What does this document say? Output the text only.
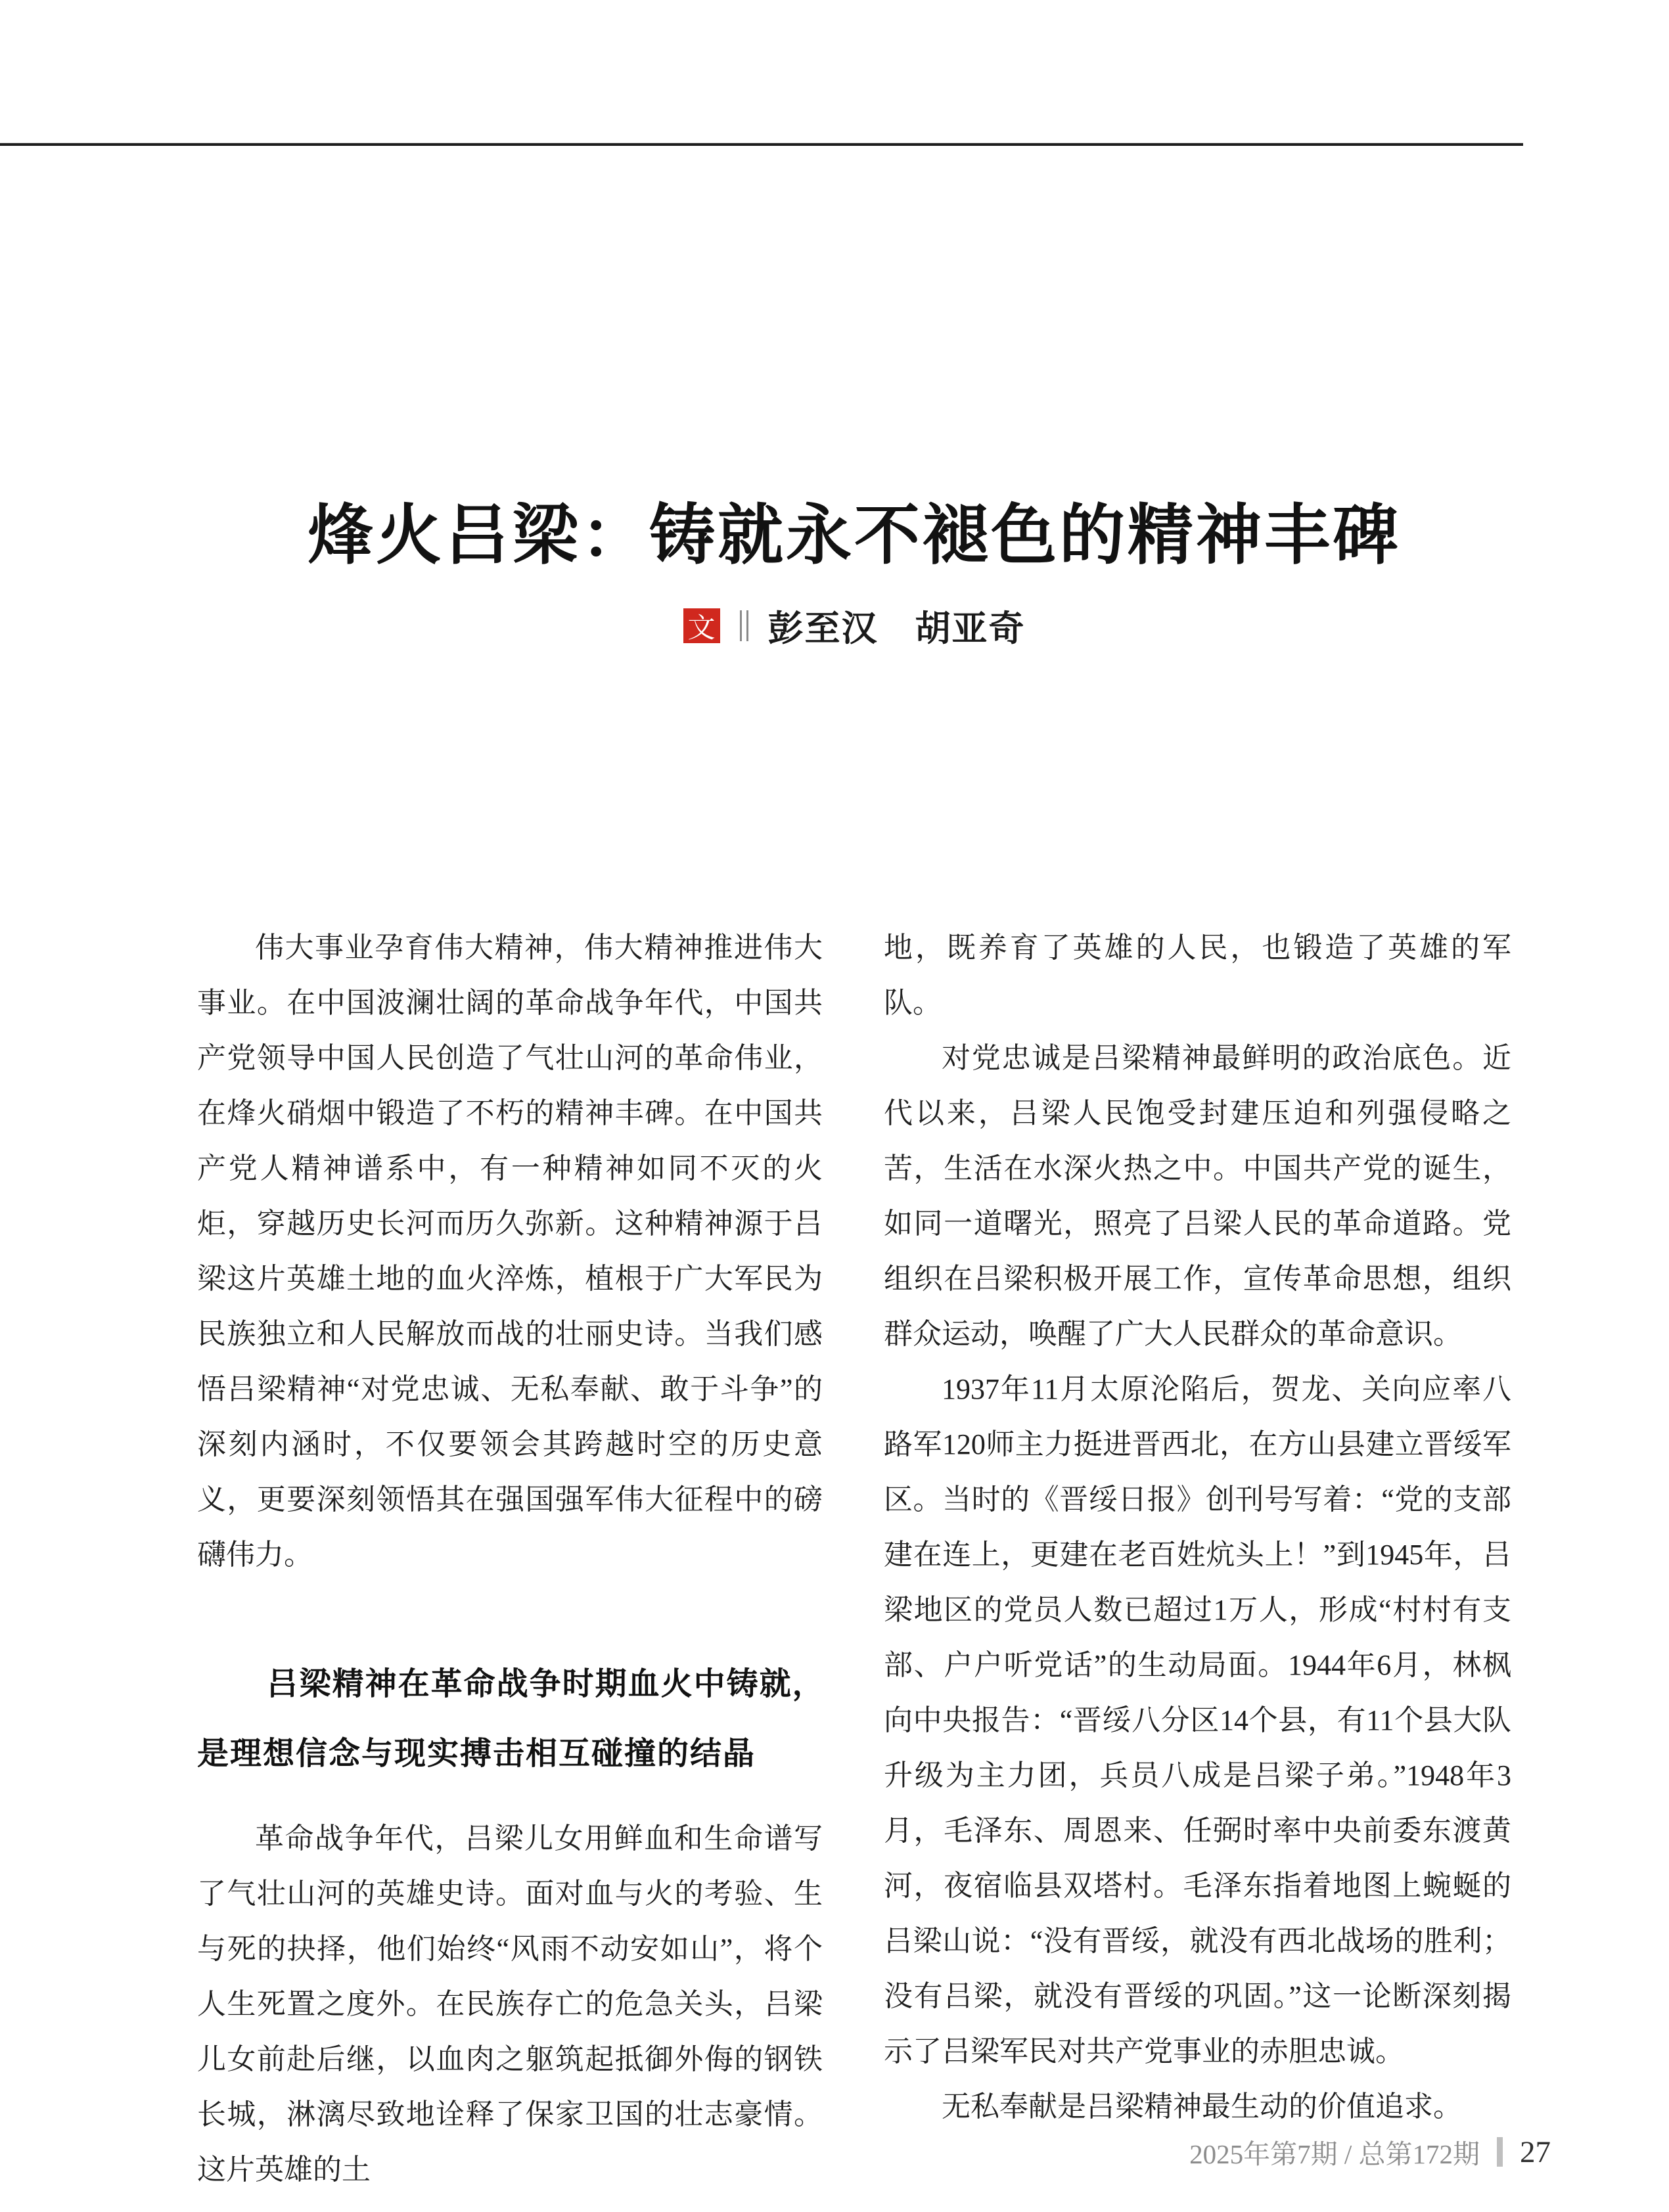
烽火吕梁：铸就永不褪色的精神丰碑
文 彭至汉　胡亚奇

伟大事业孕育伟大精神，伟大精神推进伟大事业。在中国波澜壮阔的革命战争年代，中国共产党领导中国人民创造了气壮山河的革命伟业，在烽火硝烟中锻造了不朽的精神丰碑。在中国共产党人精神谱系中，有一种精神如同不灭的火炬，穿越历史长河而历久弥新。这种精神源于吕梁这片英雄土地的血火淬炼，植根于广大军民为民族独立和人民解放而战的壮丽史诗。当我们感悟吕梁精神“对党忠诚、无私奉献、敢于斗争”的深刻内涵时，不仅要领会其跨越时空的历史意义，更要深刻领悟其在强国强军伟大征程中的磅礴伟力。

吕梁精神在革命战争时期血火中铸就，
是理想信念与现实搏击相互碰撞的结晶

革命战争年代，吕梁儿女用鲜血和生命谱写了气壮山河的英雄史诗。面对血与火的考验、生与死的抉择，他们始终“风雨不动安如山”，将个人生死置之度外。在民族存亡的危急关头，吕梁儿女前赴后继，以血肉之躯筑起抵御外侮的钢铁长城，淋漓尽致地诠释了保家卫国的壮志豪情。这片英雄的土

地，既养育了英雄的人民，也锻造了英雄的军队。

对党忠诚是吕梁精神最鲜明的政治底色。近代以来，吕梁人民饱受封建压迫和列强侵略之苦，生活在水深火热之中。中国共产党的诞生，如同一道曙光，照亮了吕梁人民的革命道路。党组织在吕梁积极开展工作，宣传革命思想，组织群众运动，唤醒了广大人民群众的革命意识。

1937年11月太原沦陷后，贺龙、关向应率八路军120师主力挺进晋西北，在方山县建立晋绥军区。当时的《晋绥日报》创刊号写着：“党的支部建在连上，更建在老百姓炕头上！”到1945年，吕梁地区的党员人数已超过1万人，形成“村村有支部、户户听党话”的生动局面。1944年6月，林枫向中央报告：“晋绥八分区14个县，有11个县大队升级为主力团，兵员八成是吕梁子弟。”1948年3月，毛泽东、周恩来、任弼时率中央前委东渡黄河，夜宿临县双塔村。毛泽东指着地图上蜿蜒的吕梁山说：“没有晋绥，就没有西北战场的胜利；没有吕梁，就没有晋绥的巩固。”这一论断深刻揭示了吕梁军民对共产党事业的赤胆忠诚。

无私奉献是吕梁精神最生动的价值追求。

2025年第7期 / 总第172期 27
